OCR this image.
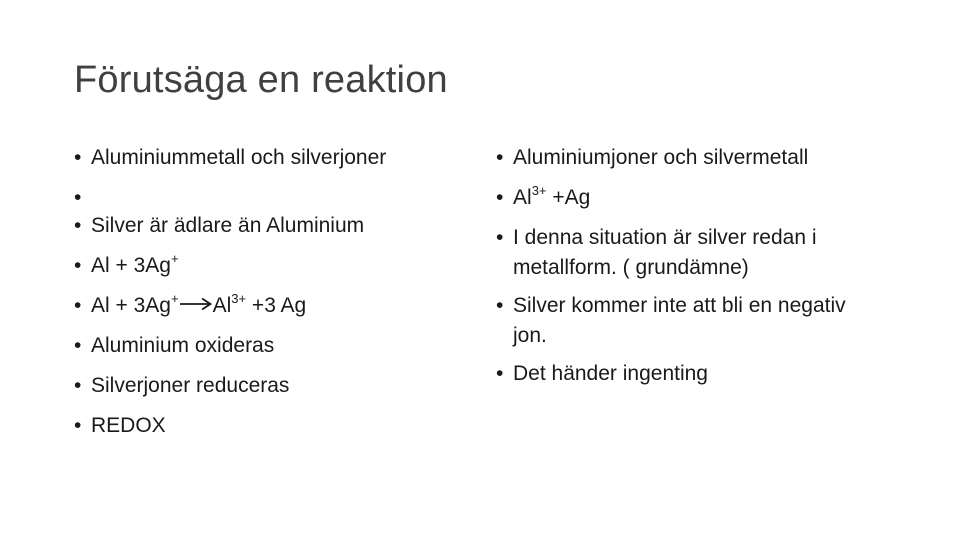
Förutsäga en reaktion
• Aluminiummetall och silverjoner
•
• Silver är ädlare än Aluminium
• Al + 3Ag+
• Al + 3Ag+ $Al^{3+} +3$ Ag
• Aluminium oxideras
• Silverjoner reduceras
• REDOX
• Aluminiumjoner och silvermetall
• $Al^{3+} +Ag$
• I denna situation är silver redan i metallform. ( grundämne)
• Silver kommer inte att bli en negativ jon.
• Det händer ingenting
